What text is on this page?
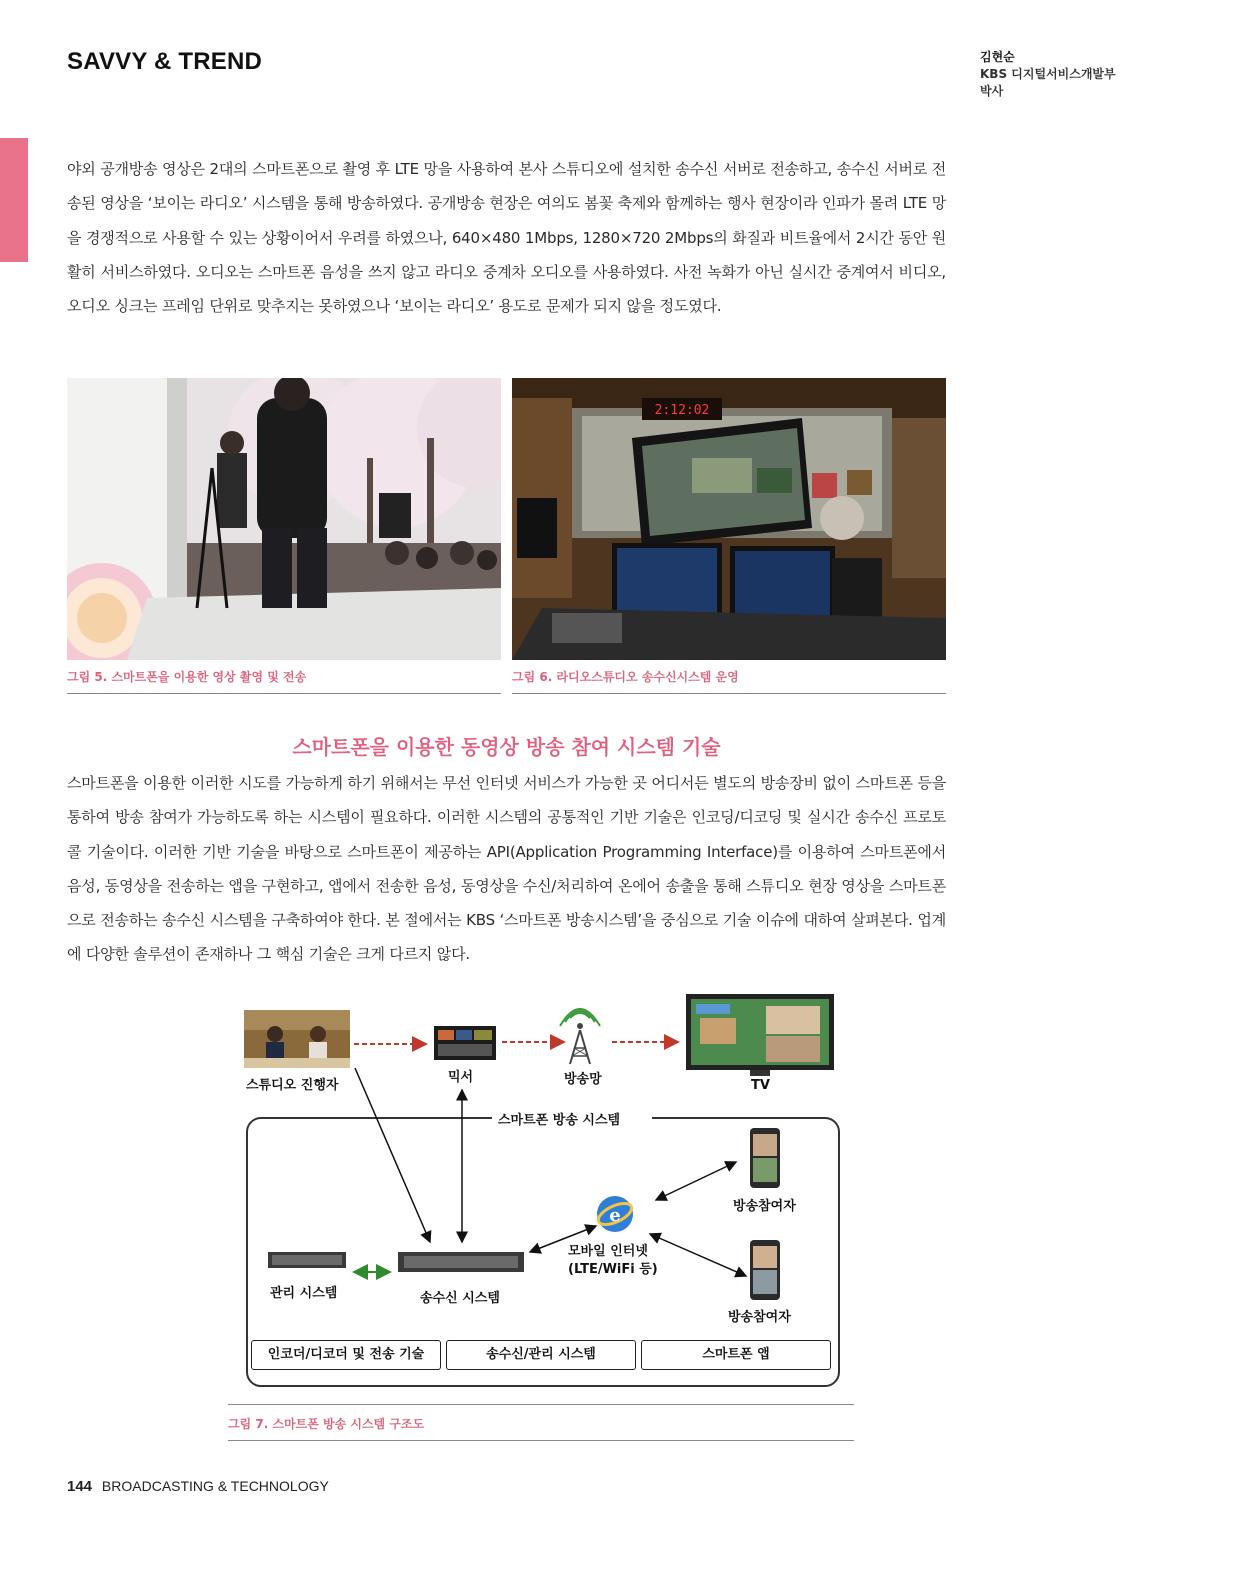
SAVVY & TREND	김현순
KBS 디지털서비스개발부
박사

야외 공개방송 영상은 2대의 스마트폰으로 촬영 후 LTE 망을 사용하여 본사 스튜디오에 설치한 송수신 서버로 전송하고, 송수신 서버로 전송된 영상을 ‘보이는 라디오’ 시스템을 통해 방송하였다. 공개방송 현장은 여의도 봄꽃 축제와 함께하는 행사 현장이라 인파가 몰려 LTE 망을 경쟁적으로 사용할 수 있는 상황이어서 우려를 하였으나, 640×480 1Mbps, 1280×720 2Mbps의 화질과 비트율에서 2시간 동안 원활히 서비스하였다. 오디오는 스마트폰 음성을 쓰지 않고 라디오 중계차 오디오를 사용하였다. 사전 녹화가 아닌 실시간 중계여서 비디오, 오디오 싱크는 프레임 단위로 맞추지는 못하였으나 ‘보이는 라디오’ 용도로 문제가 되지 않을 정도였다.

2:12:02
그림 5. 스마트폰을 이용한 영상 촬영 및 전송	그림 6. 라디오스튜디오 송수신시스템 운영
스마트폰을 이용한 동영상 방송 참여 시스템 기술

스마트폰을 이용한 이러한 시도를 가능하게 하기 위해서는 무선 인터넷 서비스가 가능한 곳 어디서든 별도의 방송장비 없이 스마트폰 등을 통하여 방송 참여가 가능하도록 하는 시스템이 필요하다. 이러한 시스템의 공통적인 기반 기술은 인코딩/디코딩 및 실시간 송수신 프로토콜 기술이다. 이러한 기반 기술을 바탕으로 스마트폰이 제공하는 API(Application Programming Interface)를 이용하여 스마트폰에서 음성, 동영상을 전송하는 앱을 구현하고, 앱에서 전송한 음성, 동영상을 수신/처리하여 온에어 송출을 통해 스튜디오 현장 영상을 스마트폰으로 전송하는 송수신 시스템을 구축하여야 한다. 본 절에서는 KBS ‘스마트폰 방송시스템’을 중심으로 기술 이슈에 대하여 살펴본다. 업계에 다양한 솔루션이 존재하나 그 핵심 기술은 크게 다르지 않다.

e
스튜디오 진행자
믹서	방송망	TV
스마트폰 방송 시스템
방송참여자
방송참여자
모바일 인터넷
(LTE/WiFi 등)
관리 시스템	송수신 시스템
인코더/디코더 및 전송 기술	송수신/관리 시스템	스마트폰 앱
그림 7. 스마트폰 방송 시스템 구조도
144 BROADCASTING & TECHNOLOGY
